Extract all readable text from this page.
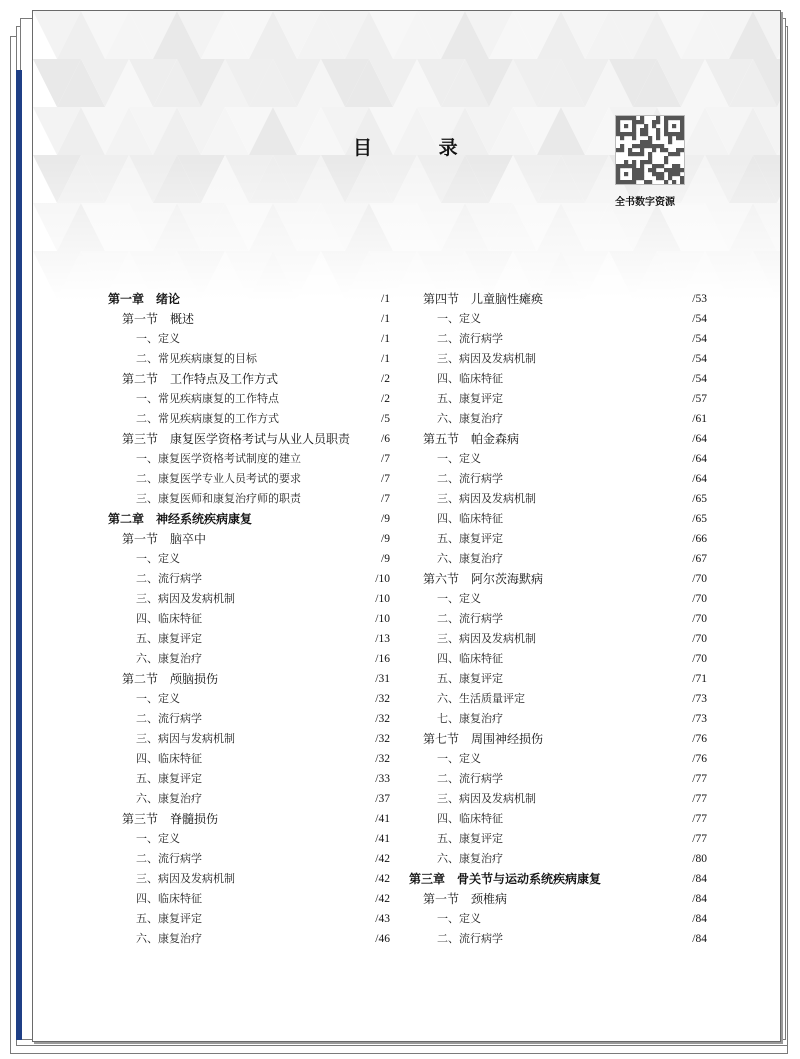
目 录
全书数字资源
第一章　绪论	/1
第一节　概述	/1
一、定义	/1
二、常见疾病康复的目标	/1
第二节　工作特点及工作方式	/2
一、常见疾病康复的工作特点	/2
二、常见疾病康复的工作方式	/5
第三节　康复医学资格考试与从业人员职责	/6
一、康复医学资格考试制度的建立	/7
二、康复医学专业人员考试的要求	/7
三、康复医师和康复治疗师的职责	/7
第二章　神经系统疾病康复	/9
第一节　脑卒中	/9
一、定义	/9
二、流行病学	/10
三、病因及发病机制	/10
四、临床特征	/10
五、康复评定	/13
六、康复治疗	/16
第二节　颅脑损伤	/31
一、定义	/32
二、流行病学	/32
三、病因与发病机制	/32
四、临床特征	/32
五、康复评定	/33
六、康复治疗	/37
第三节　脊髓损伤	/41
一、定义	/41
二、流行病学	/42
三、病因及发病机制	/42
四、临床特征	/42
五、康复评定	/43
六、康复治疗	/46
第四节　儿童脑性瘫痪	/53
一、定义	/54
二、流行病学	/54
三、病因及发病机制	/54
四、临床特征	/54
五、康复评定	/57
六、康复治疗	/61
第五节　帕金森病	/64
一、定义	/64
二、流行病学	/64
三、病因及发病机制	/65
四、临床特征	/65
五、康复评定	/66
六、康复治疗	/67
第六节　阿尔茨海默病	/70
一、定义	/70
二、流行病学	/70
三、病因及发病机制	/70
四、临床特征	/70
五、康复评定	/71
六、生活质量评定	/73
七、康复治疗	/73
第七节　周围神经损伤	/76
一、定义	/76
二、流行病学	/77
三、病因及发病机制	/77
四、临床特征	/77
五、康复评定	/77
六、康复治疗	/80
第三章　骨关节与运动系统疾病康复	/84
第一节　颈椎病	/84
一、定义	/84
二、流行病学	/84
